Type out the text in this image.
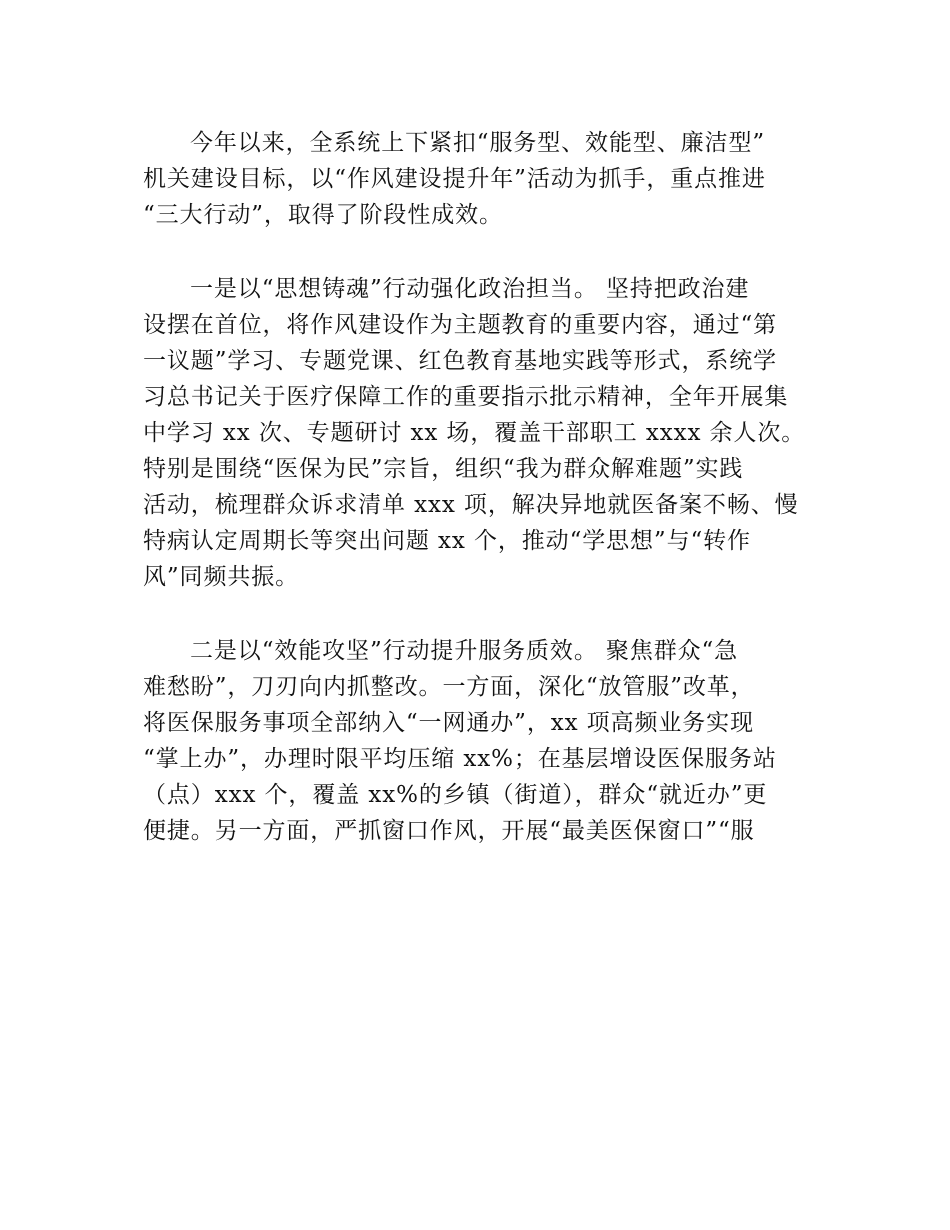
今年以来，全系统上下紧扣“服务型、效能型、廉洁型”
机关建设目标，以“作风建设提升年”活动为抓手，重点推进
“三大行动”，取得了阶段性成效。
一是以“思想铸魂”行动强化政治担当。 坚持把政治建
设摆在首位，将作风建设作为主题教育的重要内容，通过“第
一议题”学习、专题党课、红色教育基地实践等形式，系统学
习总书记关于医疗保障工作的重要指示批示精神，全年开展集
中学习 xx 次、专题研讨 xx 场，覆盖干部职工 xxxx 余人次。
特别是围绕“医保为民”宗旨，组织“我为群众解难题”实践
活动，梳理群众诉求清单 xxx 项，解决异地就医备案不畅、慢
特病认定周期长等突出问题 xx 个，推动“学思想”与“转作
风”同频共振。
二是以“效能攻坚”行动提升服务质效。 聚焦群众“急
难愁盼”，刀刃向内抓整改。一方面，深化“放管服”改革，
将医保服务事项全部纳入“一网通办”，xx 项高频业务实现
“掌上办”，办理时限平均压缩 xx%；在基层增设医保服务站
（点）xxx 个，覆盖 xx%的乡镇（街道），群众“就近办”更
便捷。另一方面，严抓窗口作风，开展“最美医保窗口”“服
